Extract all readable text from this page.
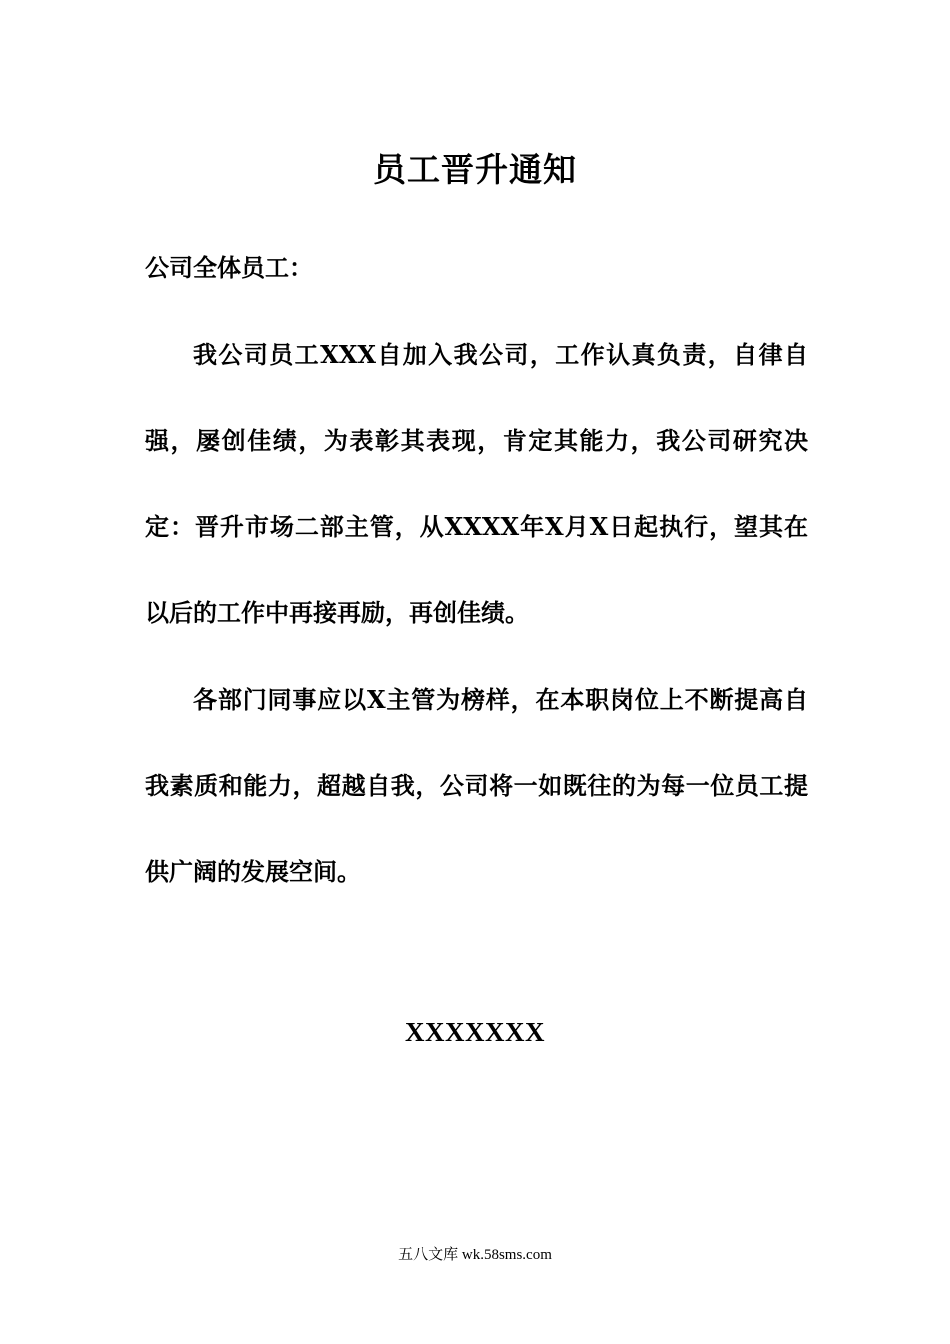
员工晋升通知
公司全体员工：

我公司员工XXX自加入我公司，工作认真负责，自律自强，屡创佳绩，为表彰其表现，肯定其能力，我公司研究决定：晋升市场二部主管，从XXXX年X月X日起执行，望其在以后的工作中再接再励，再创佳绩。

各部门同事应以X主管为榜样，在本职岗位上不断提高自我素质和能力，超越自我，公司将一如既往的为每一位员工提供广阔的发展空间。

XXXXXXX
五八文库 wk.58sms.com
